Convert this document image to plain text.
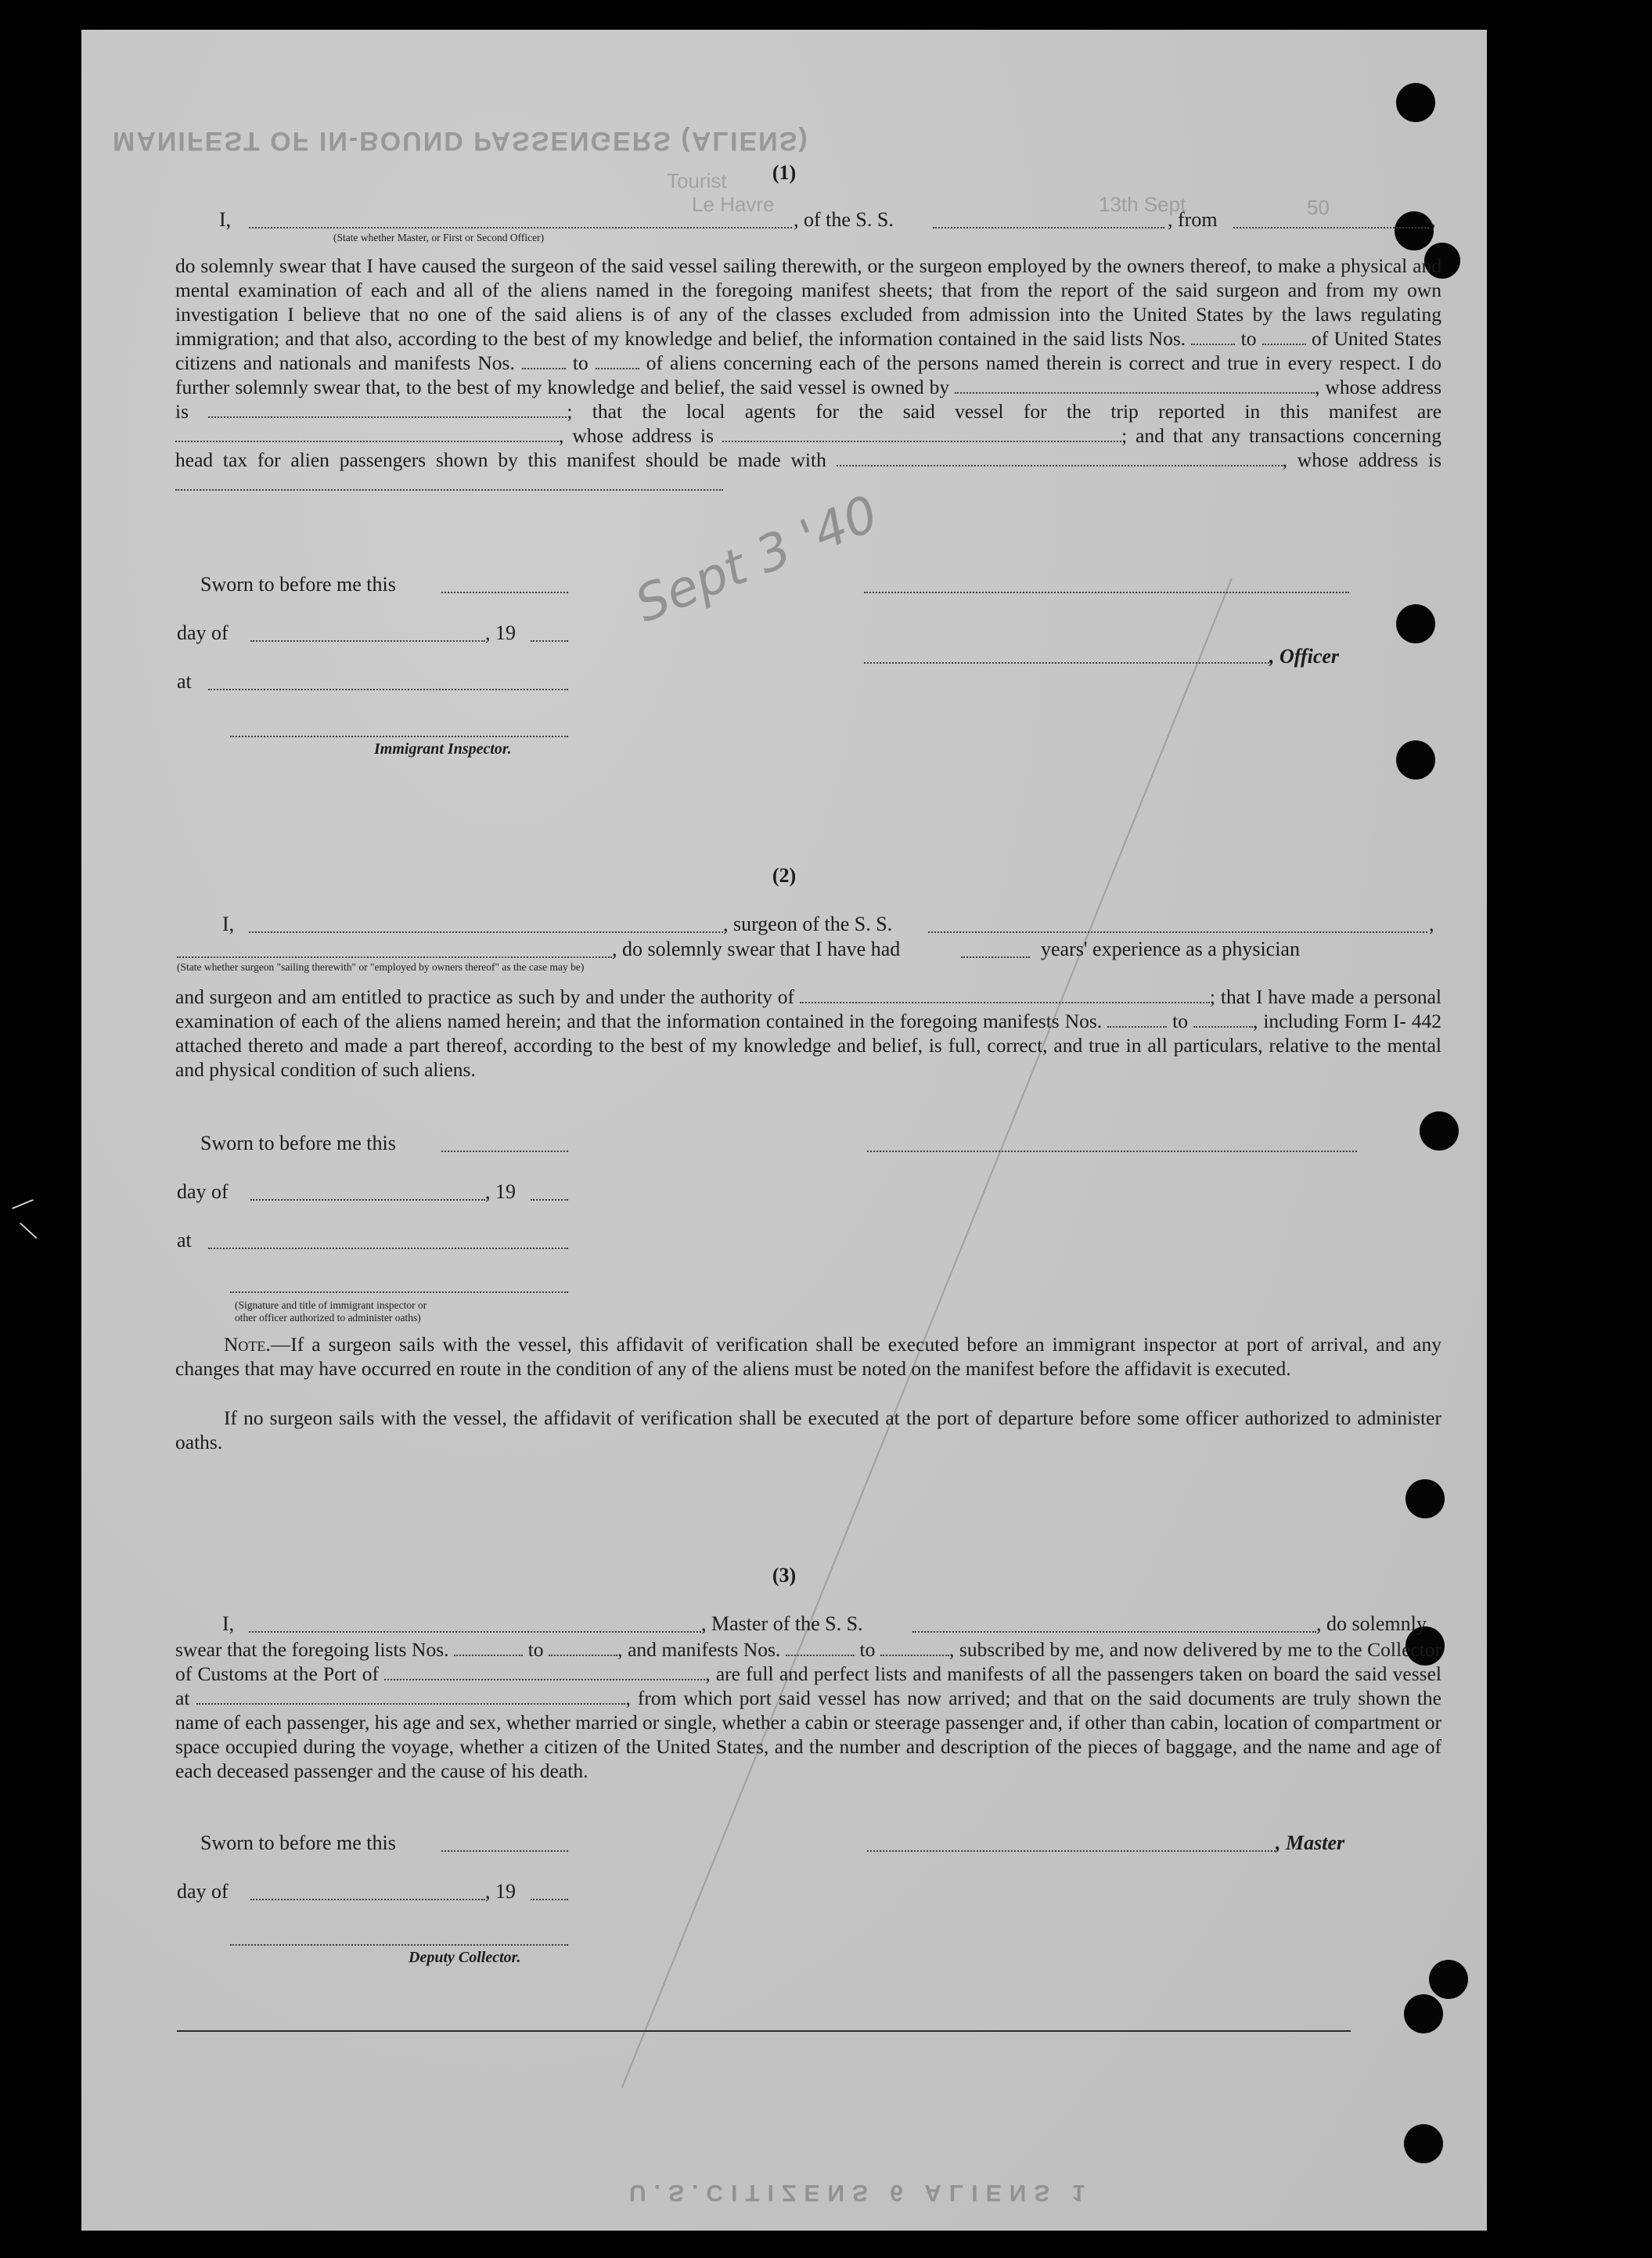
MANIFEST OF IN-BOUND PASSENGERS (ALIENS)
Tourist
Le Havre	13th Sept	50
Sept 3 '40
U.S.CITIZENS 6 ALIENS 1
(1)
I,	, of the S. S.	, from	,
(State whether Master, or First or Second Officer)
do solemnly swear that I have caused the surgeon of the said vessel sailing therewith, or the surgeon employed by the owners thereof, to make a physical and mental examination of each and all of the aliens named in the foregoing manifest sheets; that from the report of the said surgeon and from my own investigation I believe that no one of the said aliens is of any of the classes excluded from admission into the United States by the laws regulating immigration; and that also, according to the best of my knowledge and belief, the information contained in the said lists Nos.	to	of United States citizens and nationals and manifests Nos.	to	of aliens concerning each of the persons named therein is correct and true in every respect. I do further solemnly swear that, to the best of my knowledge and belief, the said vessel is owned by	, whose address is	; that the local agents for the said vessel for the trip reported in this manifest are , whose address is	; and that any transactions concerning head tax for alien passengers shown by this manifest should be made with	, whose address is
Sworn to before me this
day of	, 19
, Officer
at
Immigrant Inspector.
(2)
I,	, surgeon of the S. S.	,
, do solemnly swear that I have had	years' experience as a physician
(State whether surgeon "sailing therewith" or "employed by owners thereof" as the case may be)
and surgeon and am entitled to practice as such by and under the authority of	; that I have made a personal examination of each of the aliens named herein; and that the information contained in the foregoing manifests Nos.	to	, including Form I- 442 attached thereto and made a part thereof, according to the best of my knowledge and belief, is full, correct, and true in all particulars, relative to the mental and physical condition of such aliens.
Sworn to before me this
day of	, 19
at
(Signature and title of immigrant inspector or
other officer authorized to administer oaths)
Note.—If a surgeon sails with the vessel, this affidavit of verification shall be executed before an immigrant inspector at port of arrival, and any changes that may have occurred en route in the condition of any of the aliens must be noted on the manifest before the affidavit is executed.
If no surgeon sails with the vessel, the affidavit of verification shall be executed at the port of departure before some officer authorized to administer oaths.
(3)
I,	, Master of the S. S.	, do solemnly
swear that the foregoing lists Nos.	to	, and manifests Nos.	to	, subscribed by me, and now delivered by me to the Collector of Customs at the Port of	, are full and perfect lists and manifests of all the passengers taken on board the said vessel at	, from which port said vessel has now arrived; and that on the said documents are truly shown the name of each passenger, his age and sex, whether married or single, whether a cabin or steerage passenger and, if other than cabin, location of compartment or space occupied during the voyage, whether a citizen of the United States, and the number and description of the pieces of baggage, and the name and age of each deceased passenger and the cause of his death.
Sworn to before me this	, Master
day of	, 19
Deputy Collector.
╱
╲
